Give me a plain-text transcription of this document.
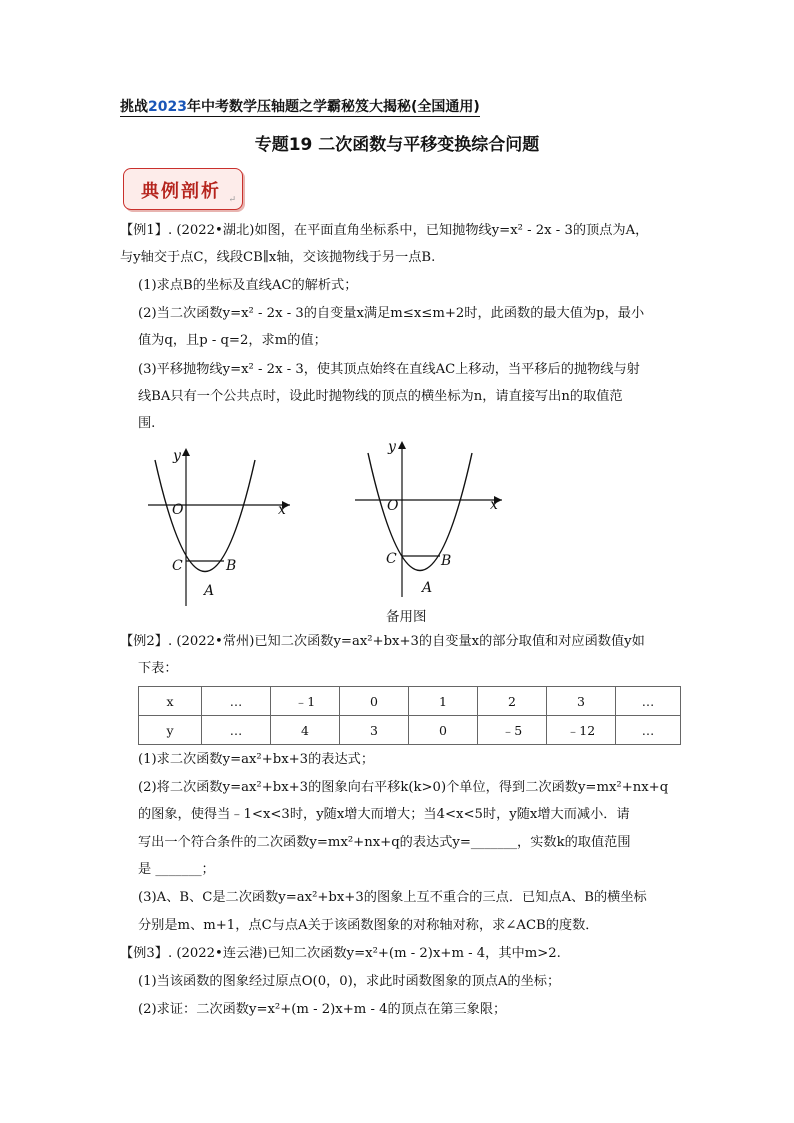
挑战2023年中考数学压轴题之学霸秘笈大揭秘(全国通用)
专题19 二次函数与平移变换综合问题
典例剖析 ↵
【例1】. (2022•湖北)如图，在平面直角坐标系中，已知抛物线y=x² - 2x - 3的顶点为A，
与y轴交于点C，线段CB∥x轴，交该抛物线于另一点B.
(1)求点B的坐标及直线AC的解析式；
(2)当二次函数y=x² - 2x - 3的自变量x满足m≤x≤m+2时，此函数的最大值为p，最小
值为q，且p - q=2，求m的值；
(3)平移抛物线y=x² - 2x - 3，使其顶点始终在直线AC上移动，当平移后的抛物线与射
线BA只有一个公共点时，设此时抛物线的顶点的横坐标为n，请直接写出n的取值范
围.
y
x
O
C	B
A
y
x
O
C	B
A
备用图
【例2】. (2022•常州)已知二次函数y=ax²+bx+3的自变量x的部分取值和对应函数值y如
下表：
x	…	﹣1	0	1	2	3	…
y	…	4	3	0	﹣5	﹣12	…
(1)求二次函数y=ax²+bx+3的表达式；
(2)将二次函数y=ax²+bx+3的图象向右平移k(k>0)个单位，得到二次函数y=mx²+nx+q
的图象，使得当﹣1<x<3时，y随x增大而增大；当4<x<5时，y随x增大而减小．请
写出一个符合条件的二次函数y=mx²+nx+q的表达式y=_______，实数k的取值范围
是 _______；
(3)A、B、C是二次函数y=ax²+bx+3的图象上互不重合的三点．已知点A、B的横坐标
分别是m、m+1，点C与点A关于该函数图象的对称轴对称，求∠ACB的度数．
【例3】. (2022•连云港)已知二次函数y=x²+(m - 2)x+m - 4，其中m>2.
(1)当该函数的图象经过原点O(0，0)，求此时函数图象的顶点A的坐标；
(2)求证：二次函数y=x²+(m - 2)x+m - 4的顶点在第三象限；
